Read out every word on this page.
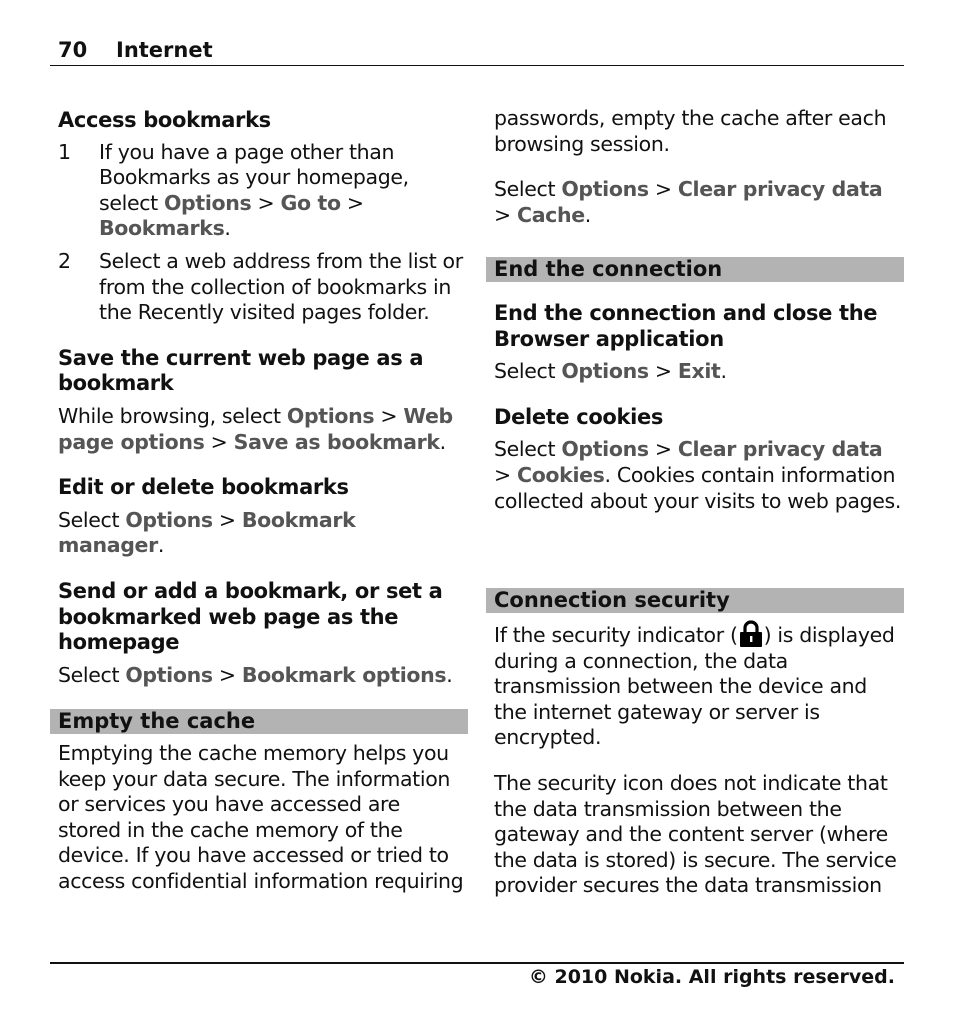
70 Internet

Access bookmarks

1 If you have a page other than Bookmarks as your homepage, select Options > Go to > Bookmarks.
2 Select a web address from the list or from the collection of bookmarks in the Recently visited pages folder.

Save the current web page as a bookmark

While browsing, select Options > Web page options > Save as bookmark.

Edit or delete bookmarks

Select Options > Bookmark manager.

Send or add a bookmark, or set a bookmarked web page as the homepage

Select Options > Bookmark options.

Empty the cache

Emptying the cache memory helps you keep your data secure. The information or services you have accessed are stored in the cache memory of the device. If you have accessed or tried to access confidential information requiring

passwords, empty the cache after each browsing session.

Select Options > Clear privacy data > Cache.

End the connection

End the connection and close the Browser application

Select Options > Exit.

Delete cookies

Select Options > Clear privacy data > Cookies. Cookies contain information collected about your visits to web pages.

Connection security

If the security indicator ( ) is displayed during a connection, the data transmission between the device and the internet gateway or server is encrypted.

The security icon does not indicate that the data transmission between the gateway and the content server (where the data is stored) is secure. The service provider secures the data transmission

© 2010 Nokia. All rights reserved.
